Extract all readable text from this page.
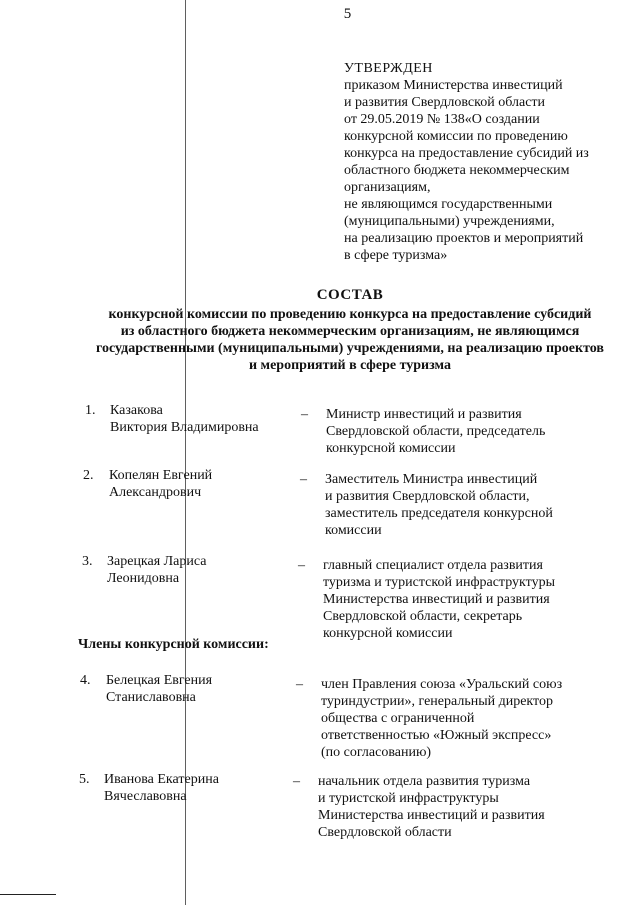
5
УТВЕРЖДЕН
приказом Министерства инвестиций
и развития Свердловской области
от 29.05.2019 № 138«О создании
конкурсной комиссии по проведению
конкурса на предоставление субсидий из
областного бюджета некоммерческим
организациям,
не являющимся государственными
(муниципальными) учреждениями,
на реализацию проектов и мероприятий
в сфере туризма»
СОСТАВ
конкурсной комиссии по проведению конкурса на предоставление субсидий
из областного бюджета некоммерческим организациям, не являющимся
государственными (муниципальными) учреждениями, на реализацию проектов
и мероприятий в сфере туризма
1.	Казакова
Виктория Владимировна
– Министр инвестиций и развития
Свердловской области, председатель
конкурсной комиссии
2.	Копелян Евгений
Александрович
– Заместитель Министра инвестиций
и развития Свердловской области,
заместитель председателя конкурсной
комиссии
3.	Зарецкая Лариса
Леонидовна
– главный специалист отдела развития
туризма и туристской инфраструктуры
Министерства инвестиций и развития
Свердловской области, секретарь
конкурсной комиссии
Члены конкурсной комиссии:
4.	Белецкая Евгения
Станиславовна
– член Правления союза «Уральский союз
туриндустрии», генеральный директор
общества с ограниченной
ответственностью «Южный экспресс»
(по согласованию)
5.	Иванова Екатерина
Вячеславовна
– начальник отдела развития туризма
и туристской инфраструктуры
Министерства инвестиций и развития
Свердловской области
